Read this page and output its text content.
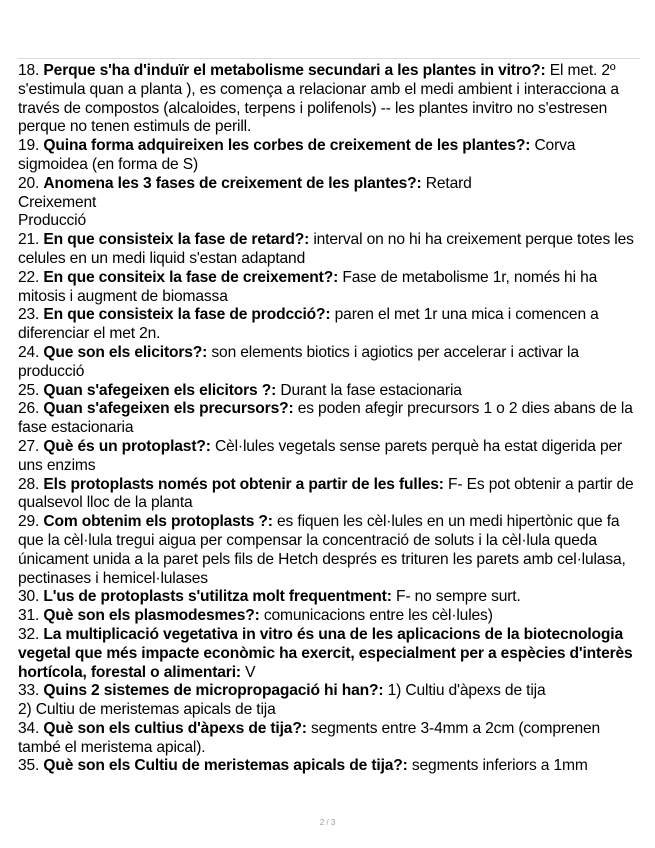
18. Perque s'ha d'induïr el metabolisme secundari a les plantes in vitro?: El met. 2º s'estimula quan a planta ), es comença a relacionar amb el medi ambient i interacciona a través de compostos (alcaloides, terpens i polifenols) -- les plantes invitro no s'estresen perque no tenen estimuls de perill.
19. Quina forma adquireixen les corbes de creixement de les plantes?: Corva sigmoidea (en forma de S)
20. Anomena les 3 fases de creixement de les plantes?: Retard
Creixement
Producció
21. En que consisteix la fase de retard?: interval on no hi ha creixement perque totes les celules en un medi liquid s'estan adaptand
22. En que consiteix la fase de creixement?: Fase de metabolisme 1r, només hi ha mitosis i augment de biomassa
23. En que consisteix la fase de prodcció?: paren el met 1r una mica i comencen a diferenciar el met 2n.
24. Que son els elicitors?: son elements biotics i agiotics per accelerar i activar la producció
25. Quan s'afegeixen els elicitors ?: Durant la fase estacionaria
26. Quan s'afegeixen els precursors?: es poden afegir precursors 1 o 2 dies abans de la fase estacionaria
27. Què és un protoplast?: Cèl·lules vegetals sense parets perquè ha estat digerida per uns enzims
28. Els protoplasts només pot obtenir a partir de les fulles: F- Es pot obtenir a partir de qualsevol lloc de la planta
29. Com obtenim els protoplasts ?: es fiquen les cèl·lules en un medi hipertònic que fa que la cèl·lula tregui aigua per compensar la concentració de soluts i la cèl·lula queda únicament unida a la paret pels fils de Hetch després es trituren les parets amb cel·lulasa, pectinases i hemicel·lulases
30. L'us de protoplasts s'utilitza molt frequentment: F- no sempre surt.
31. Què son els plasmodesmes?: comunicacions entre les cèl·lules)
32. La multiplicació vegetativa in vitro és una de les aplicacions de la biotecnologia vegetal que més impacte econòmic ha exercit, especialment per a espècies d'interès hortícola, forestal o alimentari: V
33. Quins 2 sistemes de micropropagació hi han?: 1) Cultiu d'àpexs de tija
2) Cultiu de meristemas apicals de tija
34. Què son els cultius d'àpexs de tija?: segments entre 3-4mm a 2cm (comprenen també el meristema apical).
35. Què son els Cultiu de meristemas apicals de tija?: segments inferiors a 1mm
2 / 3
